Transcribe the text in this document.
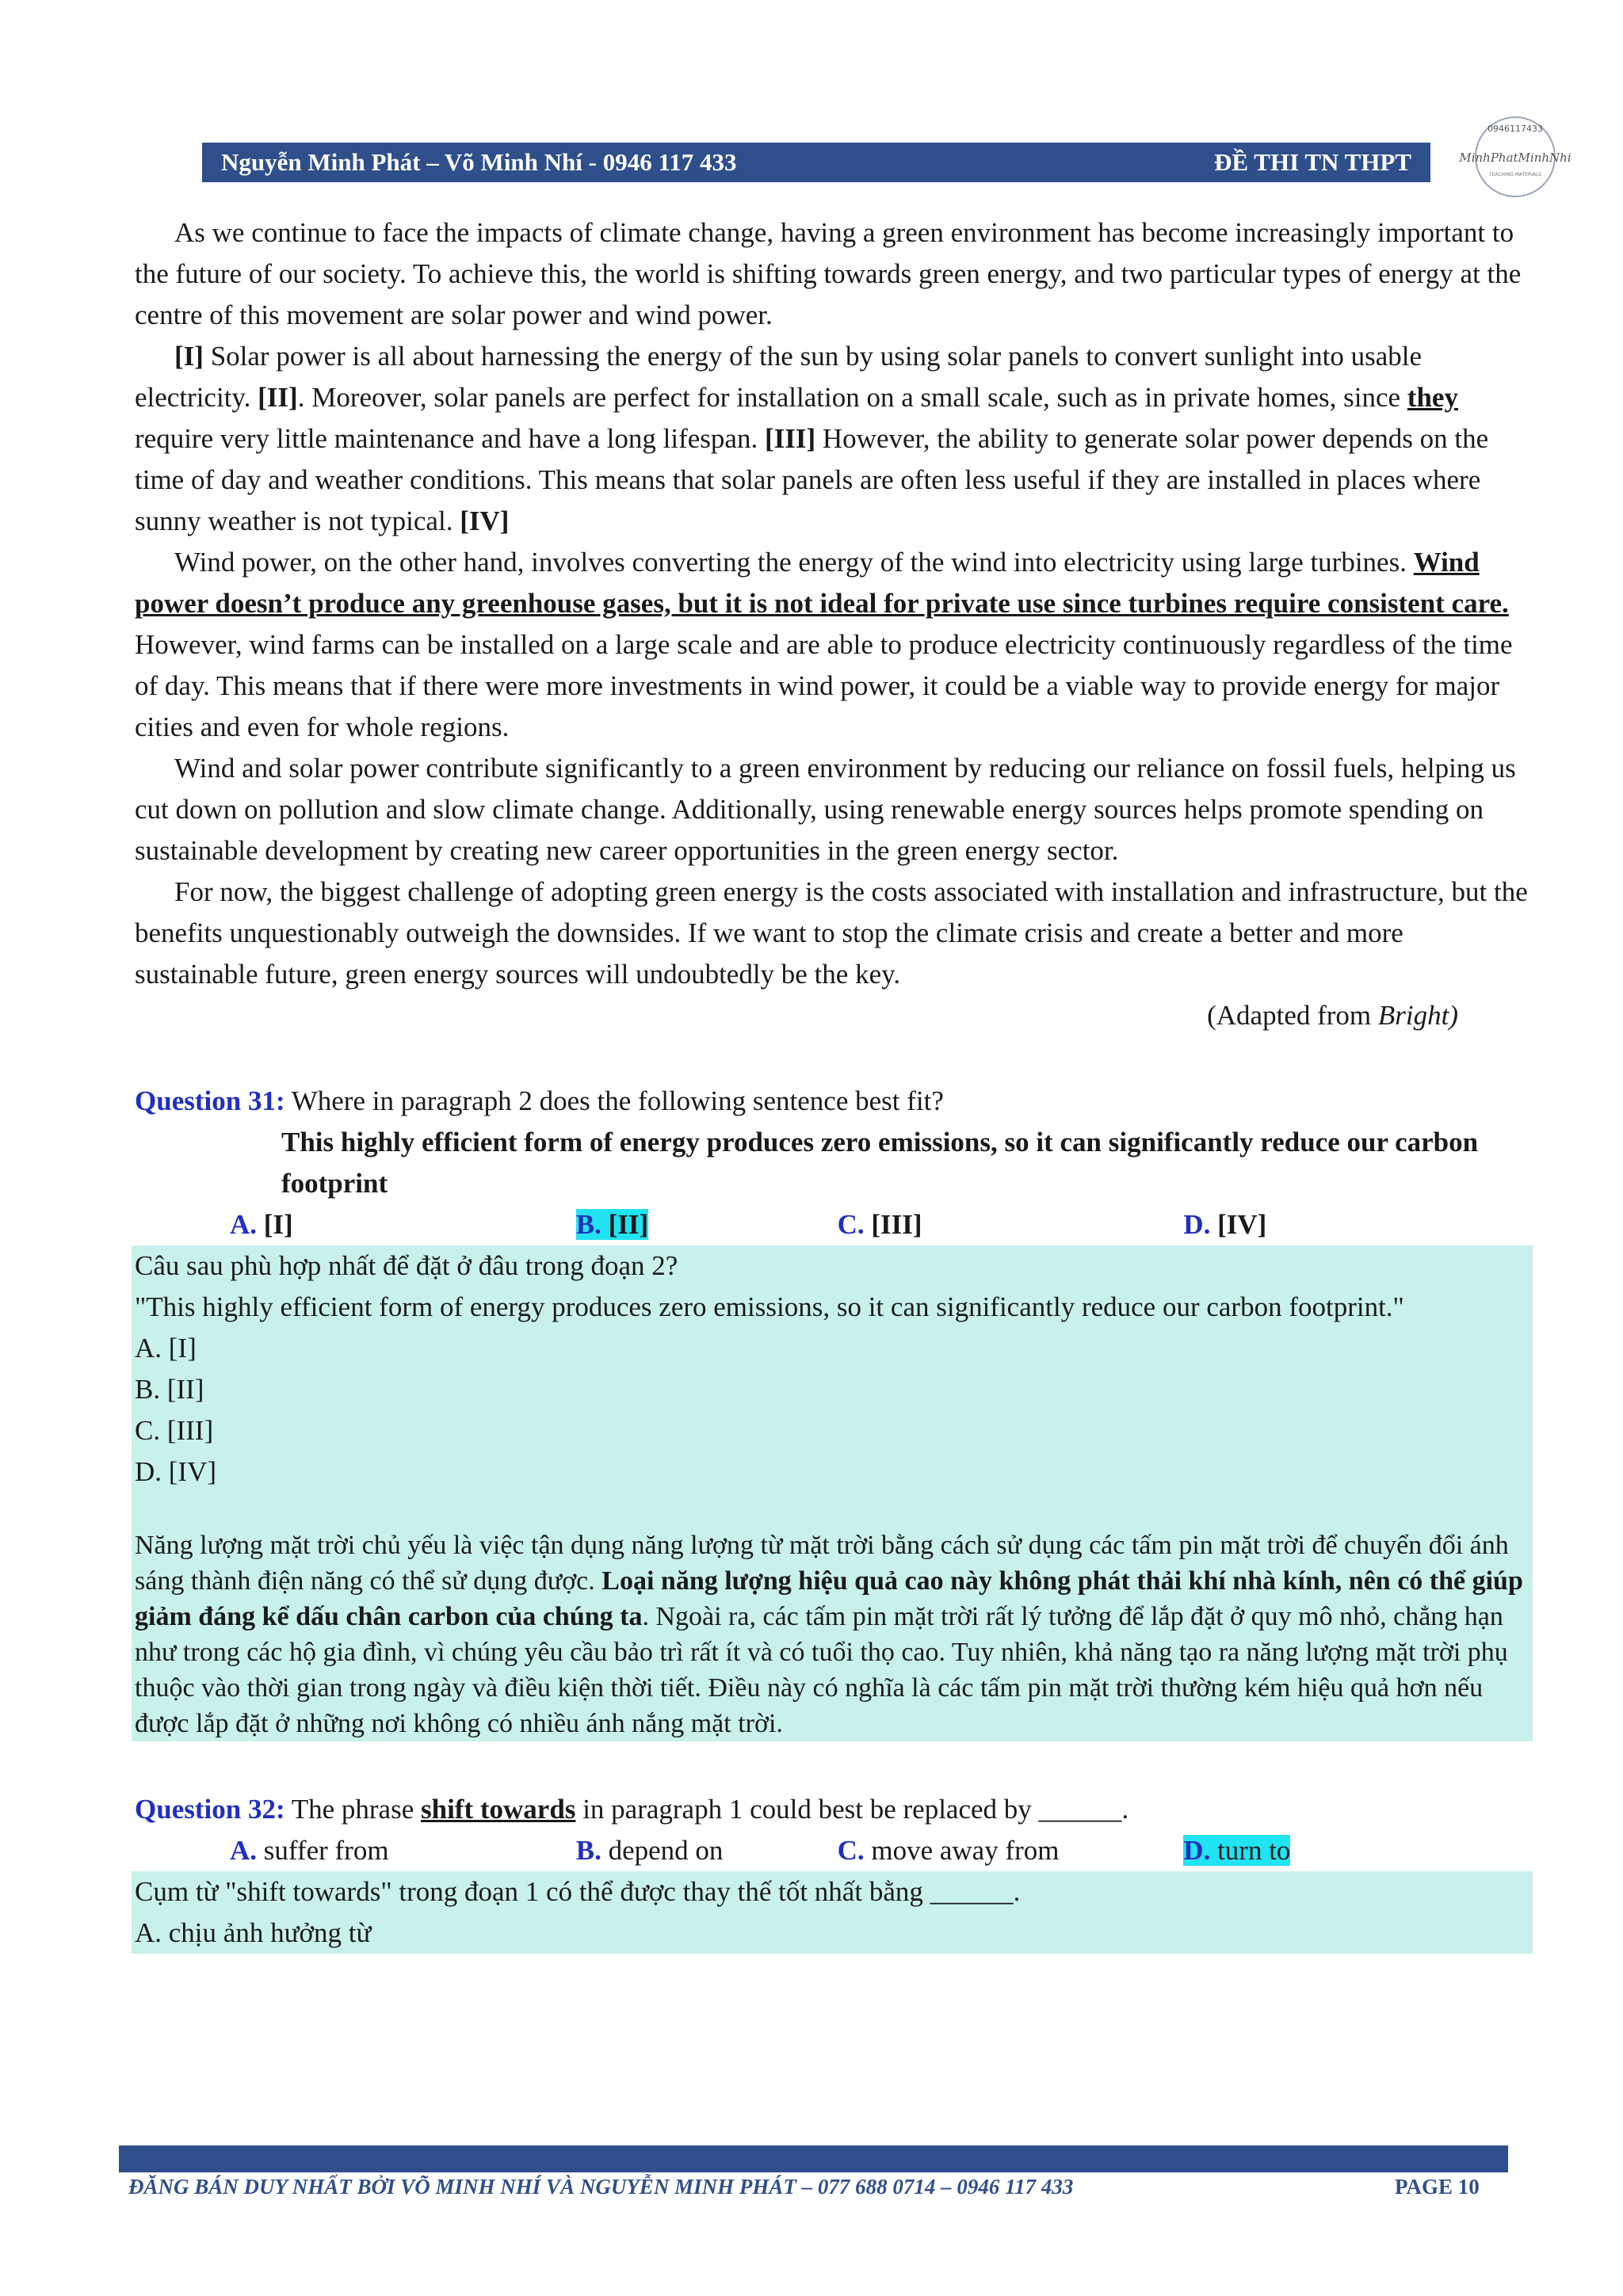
Nguyễn Minh Phát – Võ Minh Nhí - 0946 117 433	ĐỀ THI TN THPT
0946117433
MinhPhatMinhNhi
TEACHING MATERIALS

As we continue to face the impacts of climate change, having a green environment has become increasingly important to the future of our society. To achieve this, the world is shifting towards green energy, and two particular types of energy at the centre of this movement are solar power and wind power.

[I] Solar power is all about harnessing the energy of the sun by using solar panels to convert sunlight into usable electricity. [II]. Moreover, solar panels are perfect for installation on a small scale, such as in private homes, since they require very little maintenance and have a long lifespan. [III] However, the ability to generate solar power depends on the time of day and weather conditions. This means that solar panels are often less useful if they are installed in places where sunny weather is not typical. [IV]

Wind power, on the other hand, involves converting the energy of the wind into electricity using large turbines. Wind power doesn’t produce any greenhouse gases, but it is not ideal for private use since turbines require consistent care. However, wind farms can be installed on a large scale and are able to produce electricity continuously regardless of the time of day. This means that if there were more investments in wind power, it could be a viable way to provide energy for major cities and even for whole regions.

Wind and solar power contribute significantly to a green environment by reducing our reliance on fossil fuels, helping us cut down on pollution and slow climate change. Additionally, using renewable energy sources helps promote spending on sustainable development by creating new career opportunities in the green energy sector.

For now, the biggest challenge of adopting green energy is the costs associated with installation and infrastructure, but the benefits unquestionably outweigh the downsides. If we want to stop the climate crisis and create a better and more sustainable future, green energy sources will undoubtedly be the key.

(Adapted from Bright)

Question 31: Where in paragraph 2 does the following sentence best fit?

This highly efficient form of energy produces zero emissions, so it can significantly reduce our carbon footprint

A. [I]	B. [II]	C. [III]	D. [IV]

Câu sau phù hợp nhất để đặt ở đâu trong đoạn 2?

"This highly efficient form of energy produces zero emissions, so it can significantly reduce our carbon footprint."

A. [I]

B. [II]

C. [III]

D. [IV]

Năng lượng mặt trời chủ yếu là việc tận dụng năng lượng từ mặt trời bằng cách sử dụng các tấm pin mặt trời để chuyển đổi ánh sáng thành điện năng có thể sử dụng được. Loại năng lượng hiệu quả cao này không phát thải khí nhà kính, nên có thể giúp giảm đáng kể dấu chân carbon của chúng ta. Ngoài ra, các tấm pin mặt trời rất lý tưởng để lắp đặt ở quy mô nhỏ, chẳng hạn như trong các hộ gia đình, vì chúng yêu cầu bảo trì rất ít và có tuổi thọ cao. Tuy nhiên, khả năng tạo ra năng lượng mặt trời phụ thuộc vào thời gian trong ngày và điều kiện thời tiết. Điều này có nghĩa là các tấm pin mặt trời thường kém hiệu quả hơn nếu được lắp đặt ở những nơi không có nhiều ánh nắng mặt trời.

Question 32: The phrase shift towards in paragraph 1 could best be replaced by ______.

A. suffer from	B. depend on	C. move away from	D. turn to

Cụm từ "shift towards" trong đoạn 1 có thể được thay thế tốt nhất bằng ______.

A. chịu ảnh hưởng từ

ĐĂNG BÁN DUY NHẤT BỞI VÕ MINH NHÍ VÀ NGUYỄN MINH PHÁT – 077 688 0714 – 0946 117 433	PAGE 10
